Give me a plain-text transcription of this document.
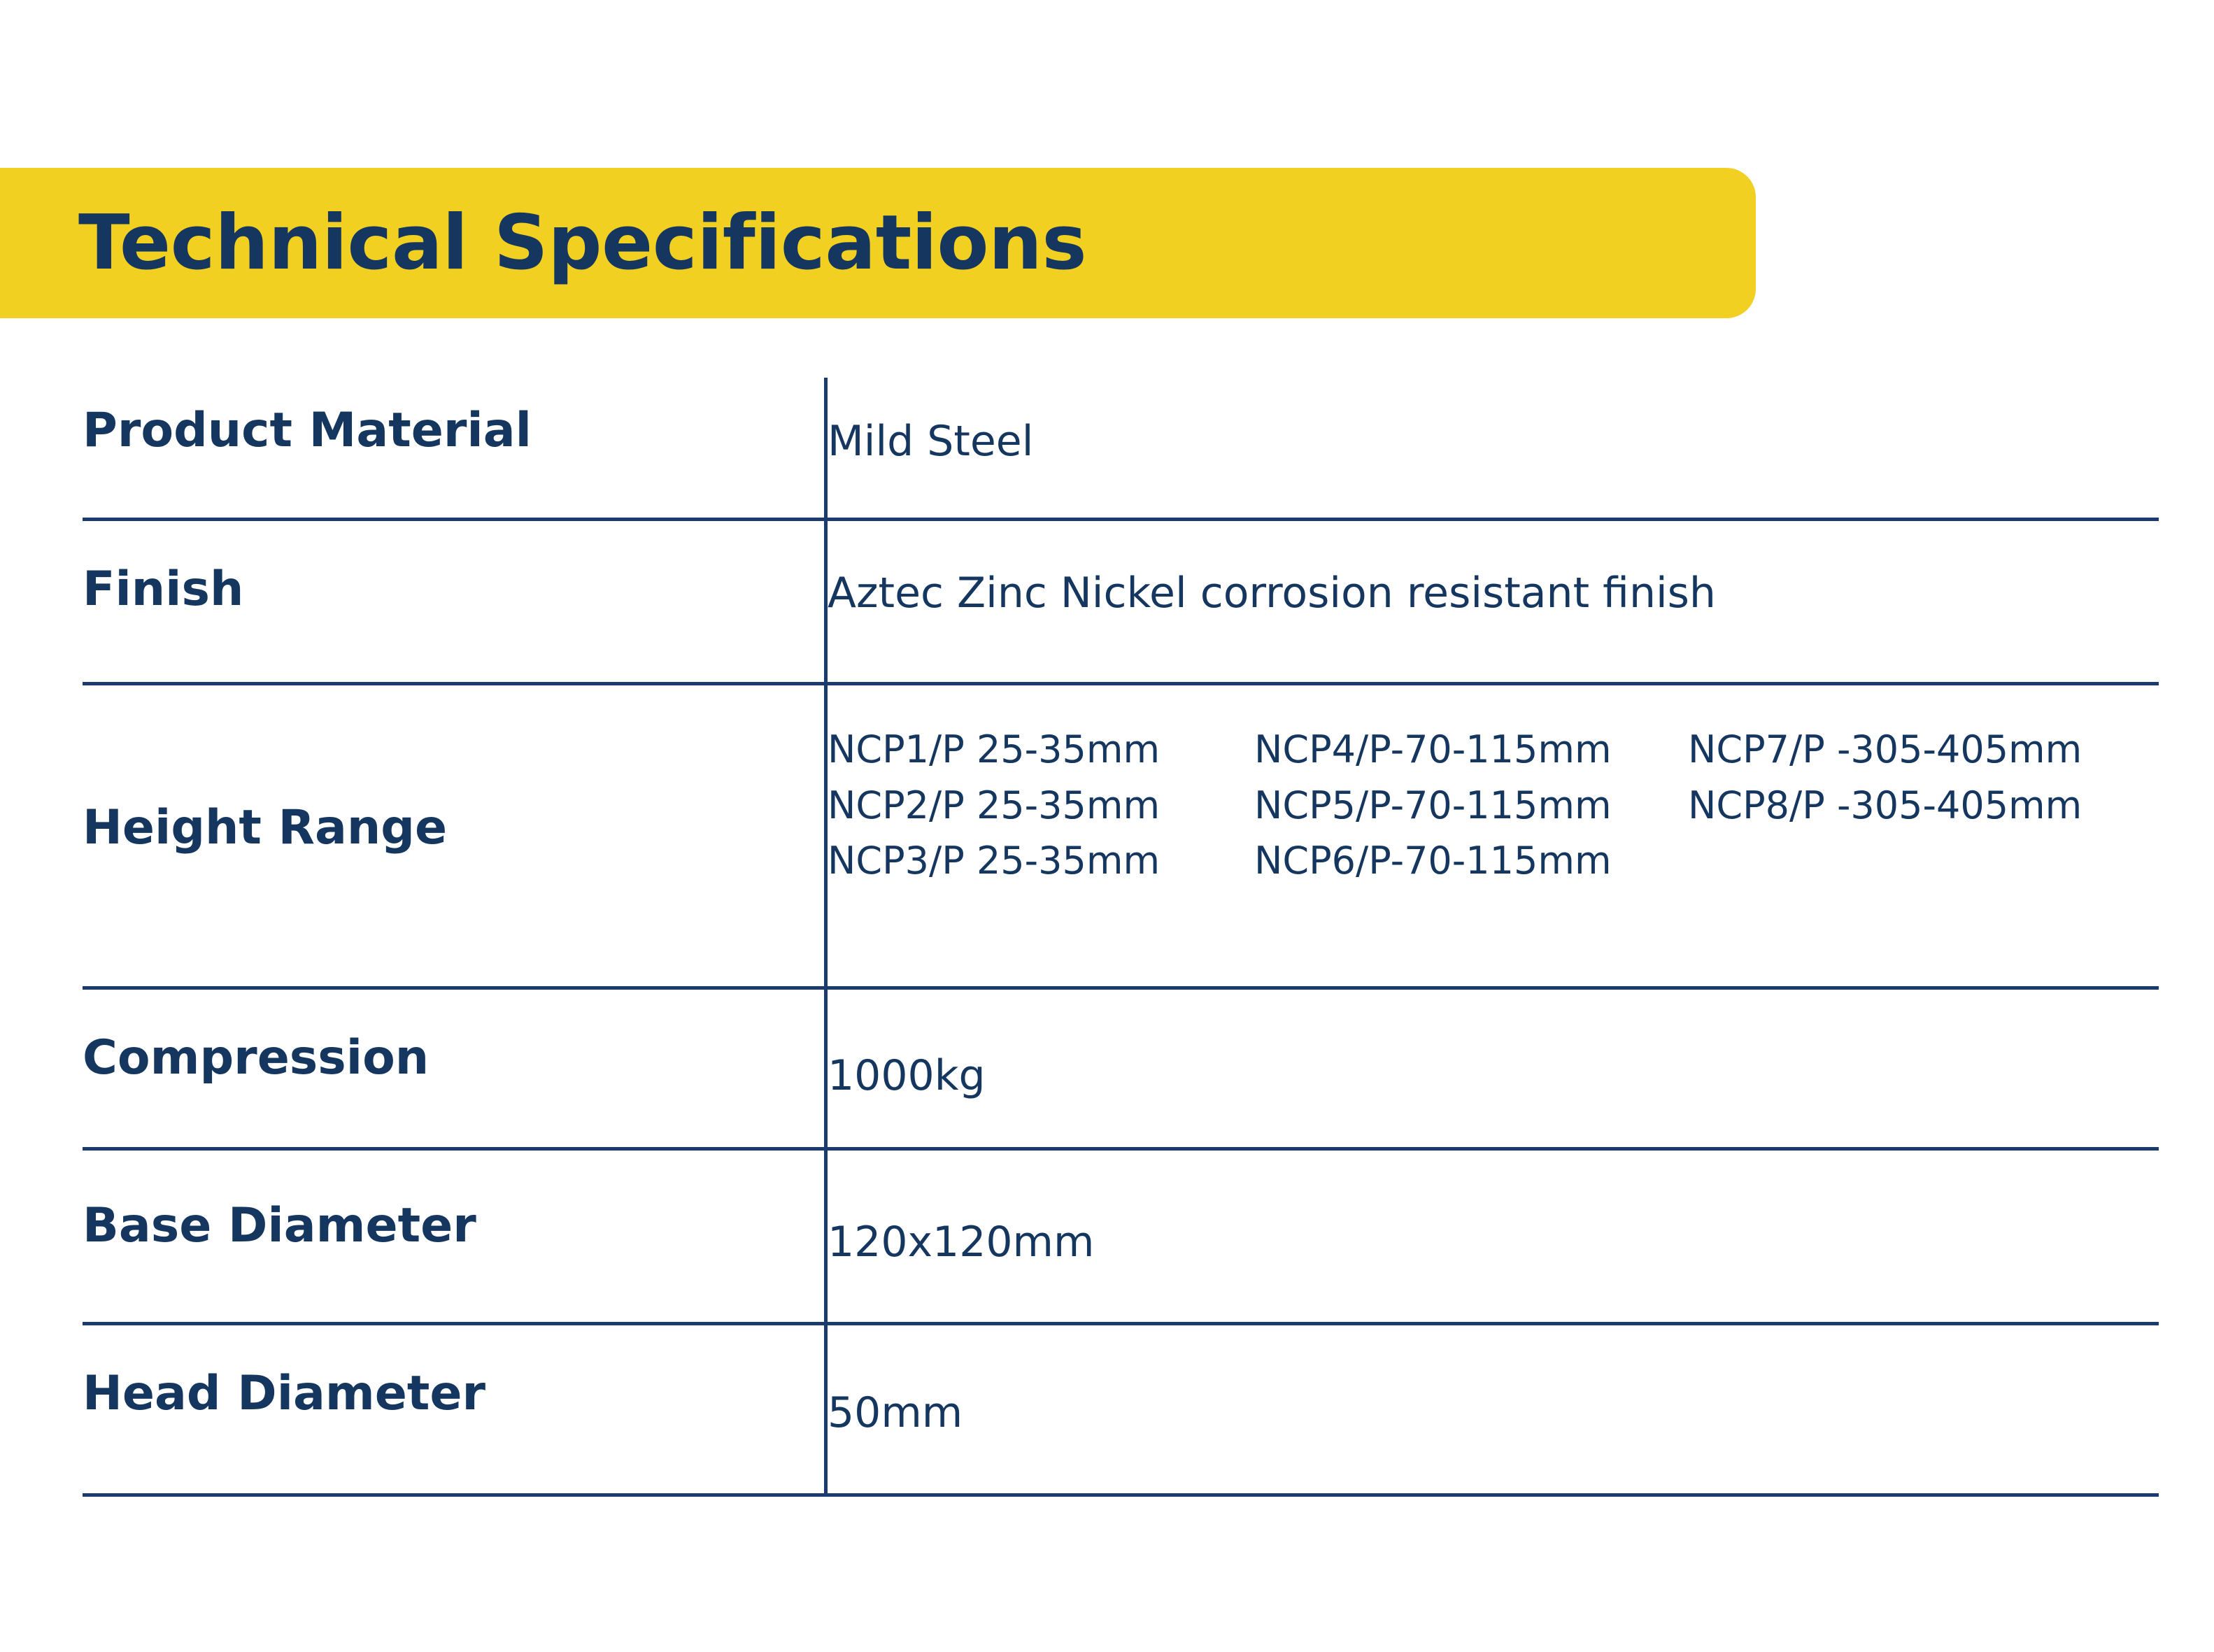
Technical Specifications
Product Material	Mild Steel

Finish	Aztec Zinc Nickel corrosion resistant finish

Height Range

NCP1/P 25-35mm	NCP4/P-70-115mm	NCP7/P -305-405mm
NCP2/P 25-35mm	NCP5/P-70-115mm	NCP8/P -305-405mm
NCP3/P 25-35mm	NCP6/P-70-115mm

Compression	1000kg

Base Diameter	120x120mm

Head Diameter	50mm
